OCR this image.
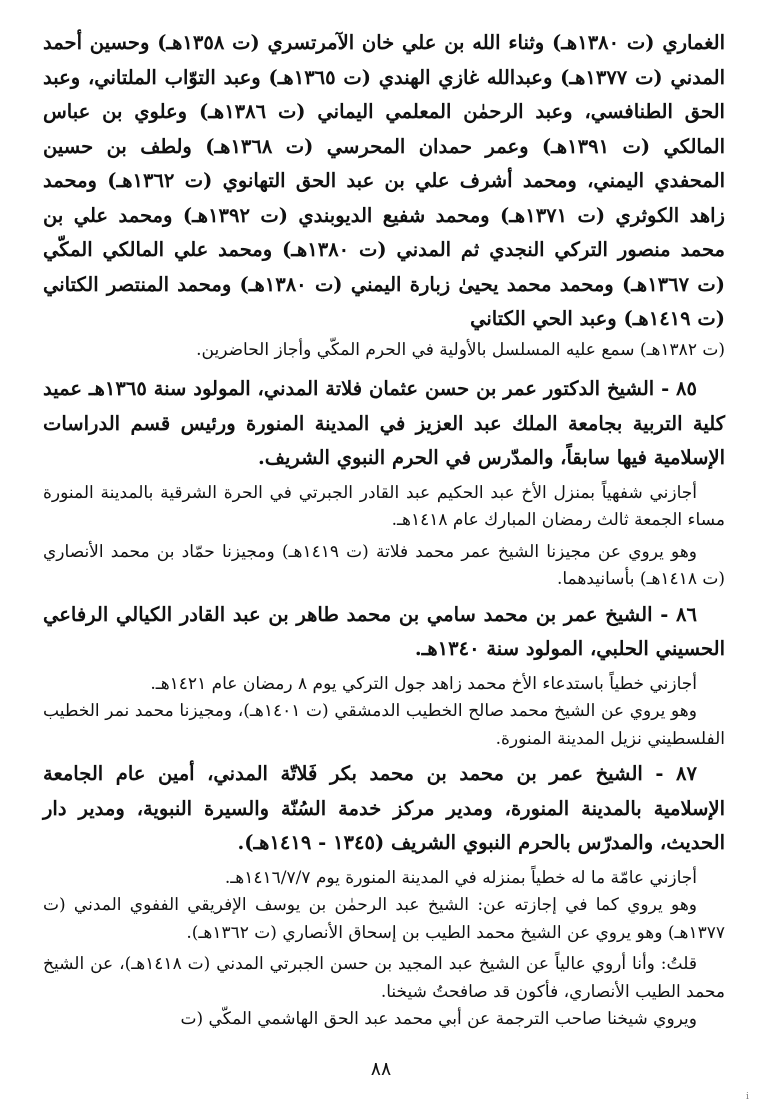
الغماري (ت ١٣٨٠هـ) وثناء الله بن علي خان الآمرتسري (ت ١٣٥٨هـ) وحسين أحمد المدني (ت ١٣٧٧هـ) وعبدالله غازي الهندي (ت ١٣٦٥هـ) وعبد التوّاب الملتاني، وعبد الحق الطنافسي، وعبد الرحمٰن المعلمي اليماني (ت ١٣٨٦هـ) وعلوي بن عباس المالكي (ت ١٣٩١هـ) وعمر حمدان المحرسي (ت ١٣٦٨هـ) ولطف بن حسين المحفدي اليمني، ومحمد أشرف علي بن عبد الحق التهانوي (ت ١٣٦٢هـ) ومحمد زاهد الكوثري (ت ١٣٧١هـ) ومحمد شفيع الديوبندي (ت ١٣٩٢هـ) ومحمد علي بن محمد منصور التركي النجدي ثم المدني (ت ١٣٨٠هـ) ومحمد علي المالكي المكّي (ت ١٣٦٧هـ) ومحمد محمد يحيىٰ زبارة اليمني (ت ١٣٨٠هـ) ومحمد المنتصر الكتاني (ت ١٤١٩هـ) وعبد الحي الكتاني

(ت ١٣٨٢هـ) سمع عليه المسلسل بالأولية في الحرم المكّي وأجاز الحاضرين.

٨٥ - الشيخ الدكتور عمر بن حسن عثمان فلاتة المدني، المولود سنة ١٣٦٥هـ عميد كلية التربية بجامعة الملك عبد العزيز في المدينة المنورة ورئيس قسم الدراسات الإسلامية فيها سابقاً، والمدّرس في الحرم النبوي الشريف.

أجازني شفهياً بمنزل الأخ عبد الحكيم عبد القادر الجبرتي في الحرة الشرقية بالمدينة المنورة مساء الجمعة ثالث رمضان المبارك عام ١٤١٨هـ.

وهو يروي عن مجيزنا الشيخ عمر محمد فلاتة (ت ١٤١٩هـ) ومجيزنا حمّاد بن محمد الأنصاري (ت ١٤١٨هـ) بأسانيدهما.

٨٦ - الشيخ عمر بن محمد سامي بن محمد طاهر بن عبد القادر الكيالي الرفاعي الحسيني الحلبي، المولود سنة ١٣٤٠هـ.

أجازني خطياً باستدعاء الأخ محمد زاهد جول التركي يوم ٨ رمضان عام ١٤٢١هـ.

وهو يروي عن الشيخ محمد صالح الخطيب الدمشقي (ت ١٤٠١هـ)، ومجيزنا محمد نمر الخطيب الفلسطيني نزيل المدينة المنورة.

٨٧ - الشيخ عمر بن محمد بن محمد بكر فَلاتّة المدني، أمين عام الجامعة الإسلامية بالمدينة المنورة، ومدير مركز خدمة السُنّة والسيرة النبوية، ومدير دار الحديث، والمدرّس بالحرم النبوي الشريف (١٣٤٥ - ١٤١٩هـ).

أجازني عامّة ما له خطياً بمنزله في المدينة المنورة يوم ١٤١٦/٧/٧هـ.

وهو يروي كما في إجازته عن: الشيخ عبد الرحمٰن بن يوسف الإفريقي الففوي المدني (ت ١٣٧٧هـ) وهو يروي عن الشيخ محمد الطيب بن إسحاق الأنصاري (ت ١٣٦٢هـ).

قلتُ: وأنا أروي عالياً عن الشيخ عبد المجيد بن حسن الجبرتي المدني (ت ١٤١٨هـ)، عن الشيخ محمد الطيب الأنصاري، فأكون قد صافحتُ شيخنا.

ويروي شيخنا صاحب الترجمة عن أبي محمد عبد الحق الهاشمي المكّي (ت

٨٨
i
